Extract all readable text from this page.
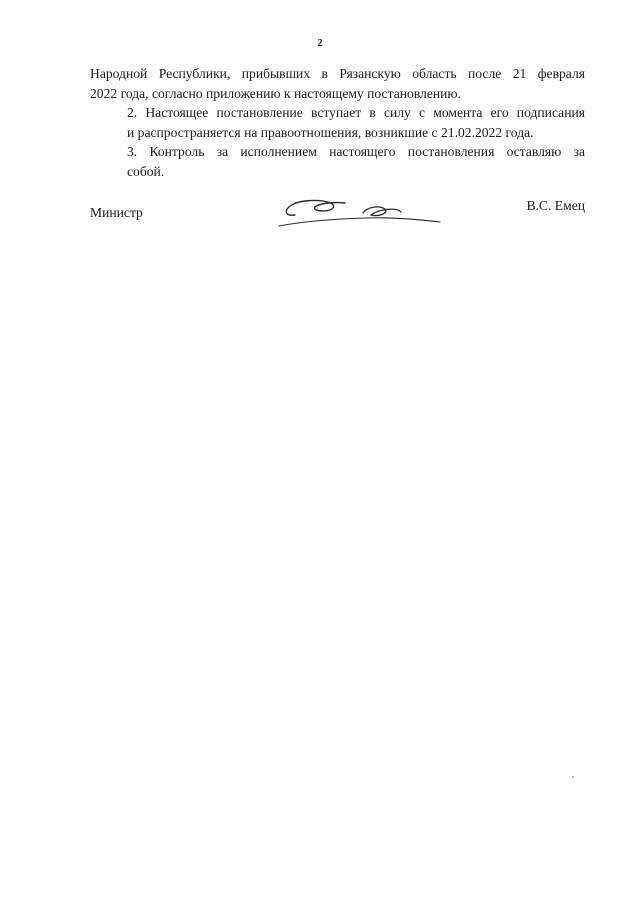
2

Народной Республики, прибывших в Рязанскую область после 21 февраля
2022 года, согласно приложению к настоящему постановлению.

2. Настоящее постановление вступает в силу с момента его подписания
и распространяется на правоотношения, возникшие с 21.02.2022 года.

3. Контроль за исполнением настоящего постановления оставляю за
собой.

Министр	В.С. Емец
